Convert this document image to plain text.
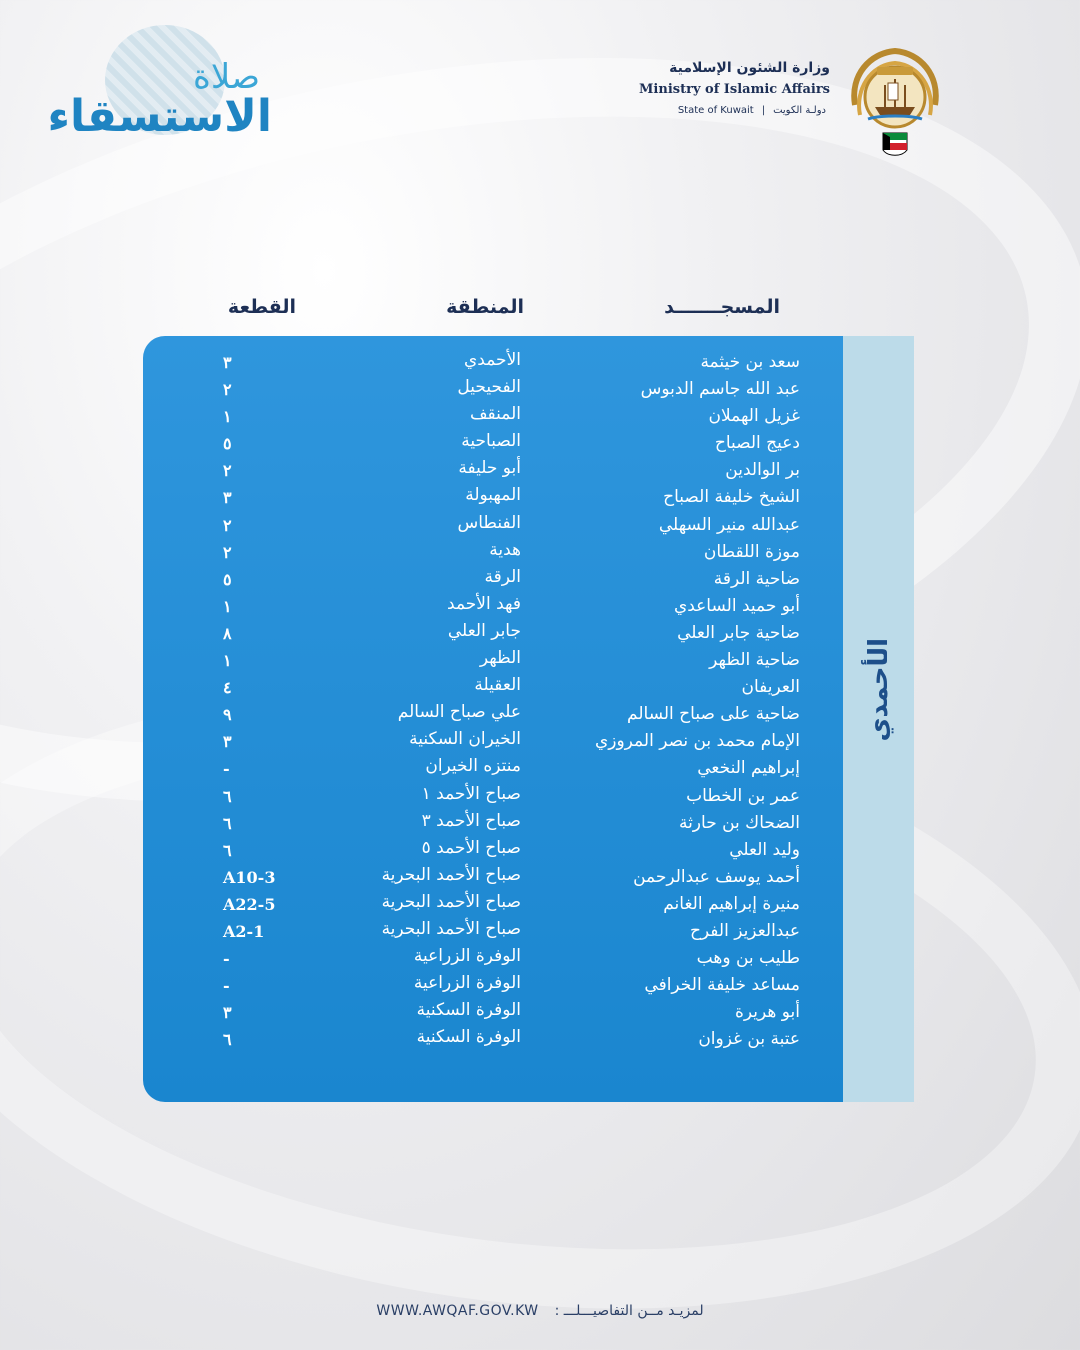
صلاة
الاستسقاء
وزارة الشئون الإسلامية
Ministry of Islamic Affairs
State of Kuwait | دولـة الكويت
المسجـــــــد
المنطقة
القطعة
الأحمدي
سعد بن خيثمة
الأحمدي
٣
عبد الله جاسم الدبوس
الفحيحيل
٢
غزيل الهملان
المنقف
١
دعيج الصباح
الصباحية
٥
بر الوالدين
أبو حليفة
٢
الشيخ خليفة الصباح
المهبولة
٣
عبدالله منير السهلي
الفنطاس
٢
موزة اللقطان
هدية
٢
ضاحية الرقة
الرقة
٥
أبو حميد الساعدي
فهد الأحمد
١
ضاحية جابر العلي
جابر العلي
٨
ضاحية الظهر
الظهر
١
العريفان
العقيلة
٤
ضاحية على صباح السالم
علي صباح السالم
٩
الإمام محمد بن نصر المروزي
الخيران السكنية
٣
إبراهيم النخعي
منتزه الخيران
-
عمر بن الخطاب
صباح الأحمد ١
٦
الضحاك بن حارثة
صباح الأحمد ٣
٦
وليد العلي
صباح الأحمد ٥
٦
أحمد يوسف عبدالرحمن
صباح الأحمد البحرية
A10-3
منيرة إبراهيم الغانم
صباح الأحمد البحرية
A22-5
عبدالعزيز الفرح
صباح الأحمد البحرية
A2-1
طليب بن وهب
الوفرة الزراعية
-
مساعد خليفة الخرافي
الوفرة الزراعية
-
أبو هريرة
الوفرة السكنية
٣
عتبة بن غزوان
الوفرة السكنية
٦
WWW.AWQAF.GOV.KW لمزيـد مــن التفاصيـــلـــ :
